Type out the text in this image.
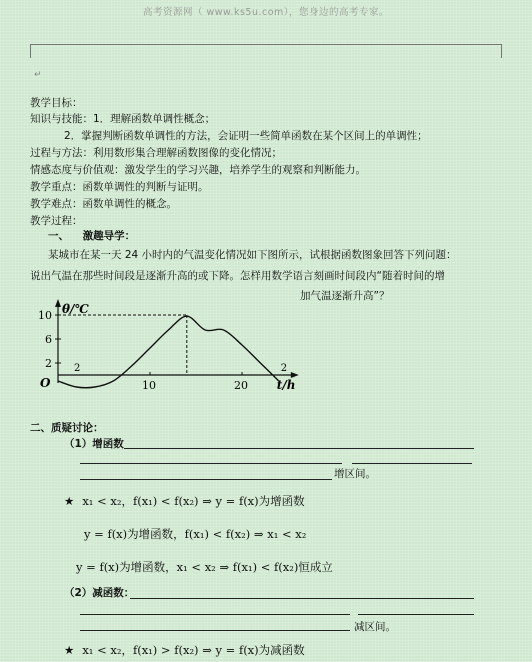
高考资源网（ www.ks5u.com），您身边的高考专家。
↵
教学目标：
知识与技能：1．理解函数单调性概念；
2．掌握判断函数单调性的方法，会证明一些简单函数在某个区间上的单调性；
过程与方法：利用数形集合理解函数图像的变化情况；
情感态度与价值观：激发学生的学习兴趣，培养学生的观察和判断能力。
教学重点：函数单调性的判断与证明。
教学难点：函数单调性的概念。
教学过程：
一、 激趣导学：
某城市在某一天 24 小时内的气温变化情况如下图所示，试根据函数图象回答下列问题：
说出气温在那些时间段是逐渐升高的或下降。怎样用数学语言刻画时间段内“随着时间的增
加气温逐渐升高”？
10
6
2
10	20
2	2
O
θ/℃
t/h
二、质疑讨论：
（1）增函数
增区间。
★ x₁ < x₂，f(x₁) < f(x₂) ⇒ y = f(x)为增函数
y = f(x)为增函数，f(x₁) < f(x₂) ⇒ x₁ < x₂
y = f(x)为增函数，x₁ < x₂ ⇒ f(x₁) < f(x₂)恒成立
（2）减函数：
减区间。
★ x₁ < x₂，f(x₁) > f(x₂) ⇒ y = f(x)为减函数
